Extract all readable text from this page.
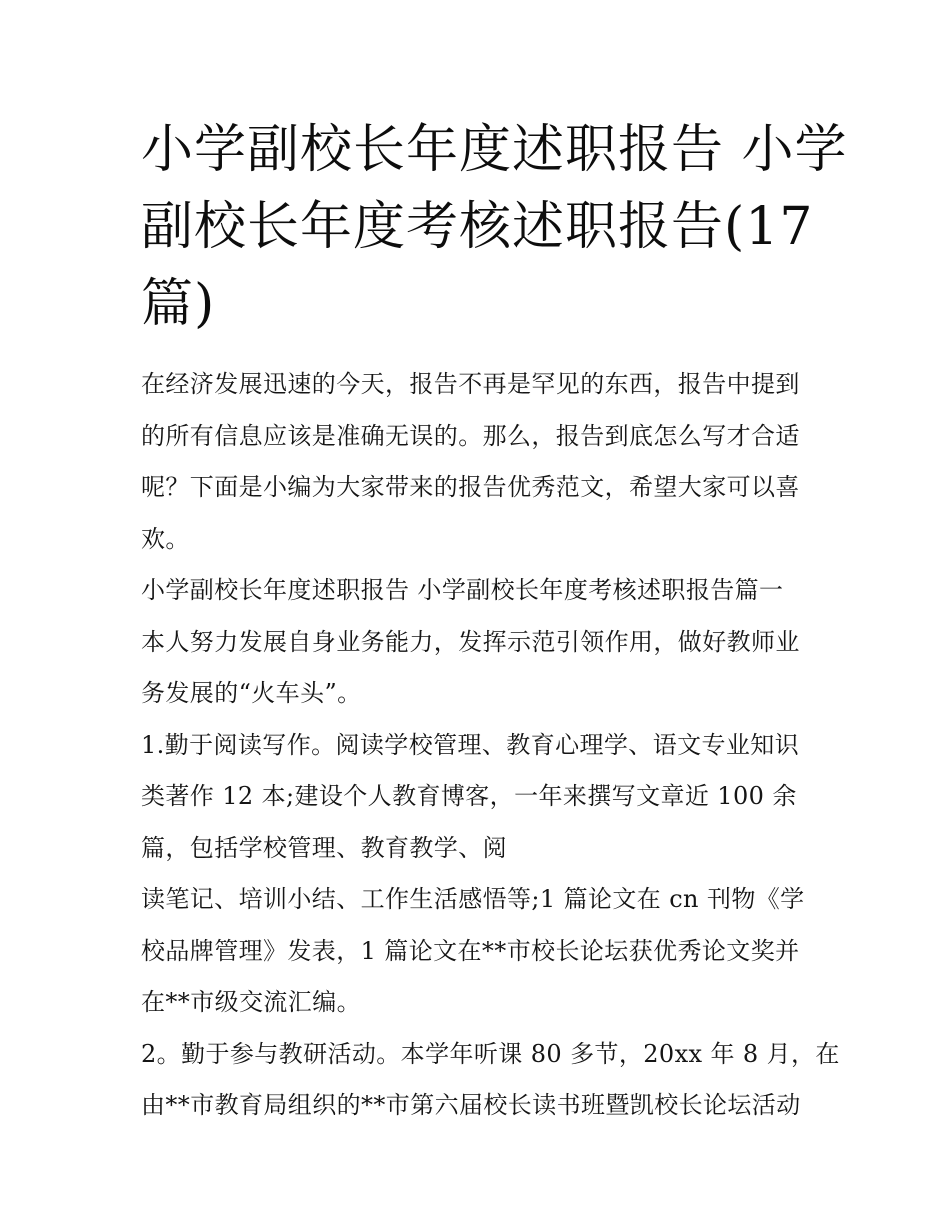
小学副校长年度述职报告 小学
副校长年度考核述职报告(17
篇)

在经济发展迅速的今天，报告不再是罕见的东西，报告中提到
的所有信息应该是准确无误的。那么，报告到底怎么写才合适
呢？下面是小编为大家带来的报告优秀范文，希望大家可以喜
欢。

小学副校长年度述职报告 小学副校长年度考核述职报告篇一

本人努力发展自身业务能力，发挥示范引领作用，做好教师业
务发展的“火车头”。

1.勤于阅读写作。阅读学校管理、教育心理学、语文专业知识
类著作 12 本;建设个人教育博客，一年来撰写文章近 100 余
篇，包括学校管理、教育教学、阅

读笔记、培训小结、工作生活感悟等;1 篇论文在 cn 刊物《学
校品牌管理》发表，1 篇论文在**市校长论坛获优秀论文奖并
在**市级交流汇编。

2。勤于参与教研活动。本学年听课 80 多节，20xx 年 8 月，在
由**市教育局组织的**市第六届校长读书班暨凯校长论坛活动
